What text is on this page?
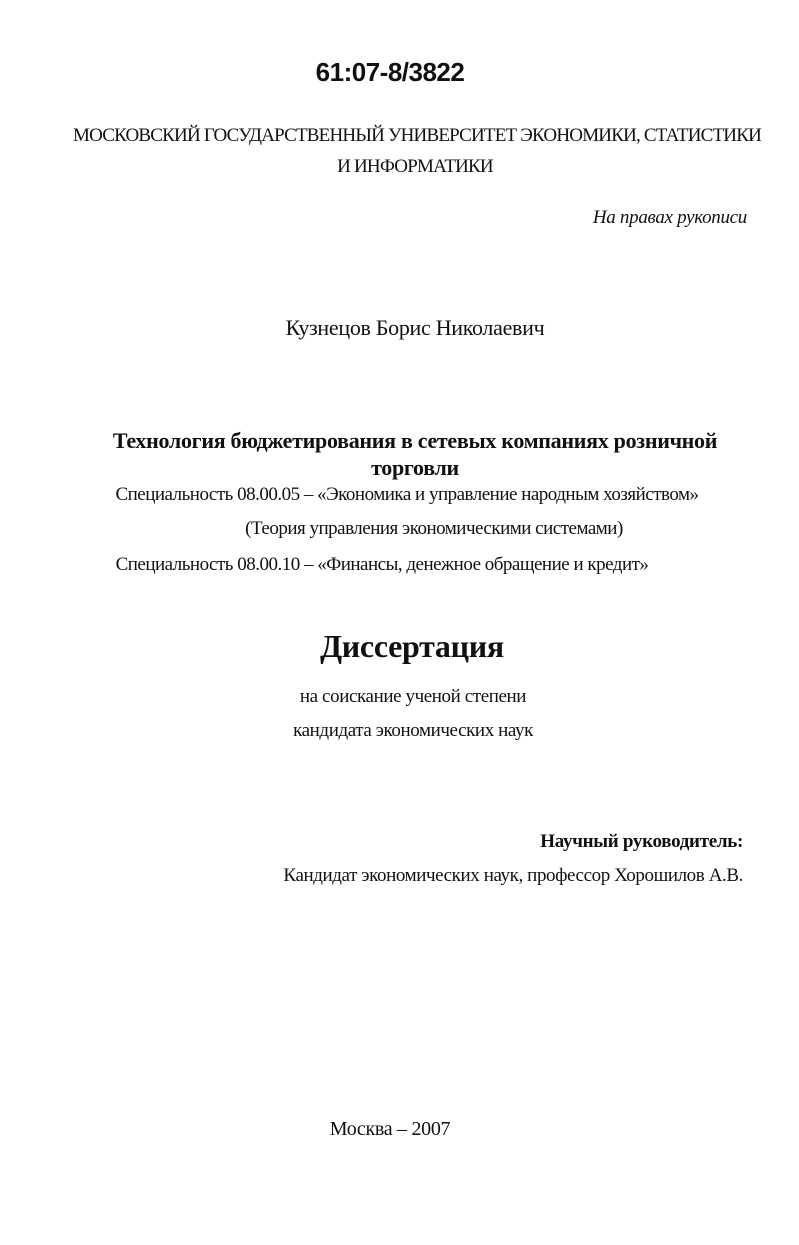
61:07-8/3822
МОСКОВСКИЙ ГОСУДАРСТВЕННЫЙ УНИВЕРСИТЕТ ЭКОНОМИКИ, СТАТИСТИКИ
И ИНФОРМАТИКИ
На правах рукописи
Кузнецов Борис Николаевич
Технология бюджетирования в сетевых компаниях розничной
торговли
Специальность 08.00.05 – «Экономика и управление народным хозяйством»
(Теория управления экономическими системами)
Специальность 08.00.10 – «Финансы, денежное обращение и кредит»
Диссертация
на соискание ученой степени
кандидата экономических наук
Научный руководитель:
Кандидат экономических наук, профессор Хорошилов А.В.
Москва – 2007
